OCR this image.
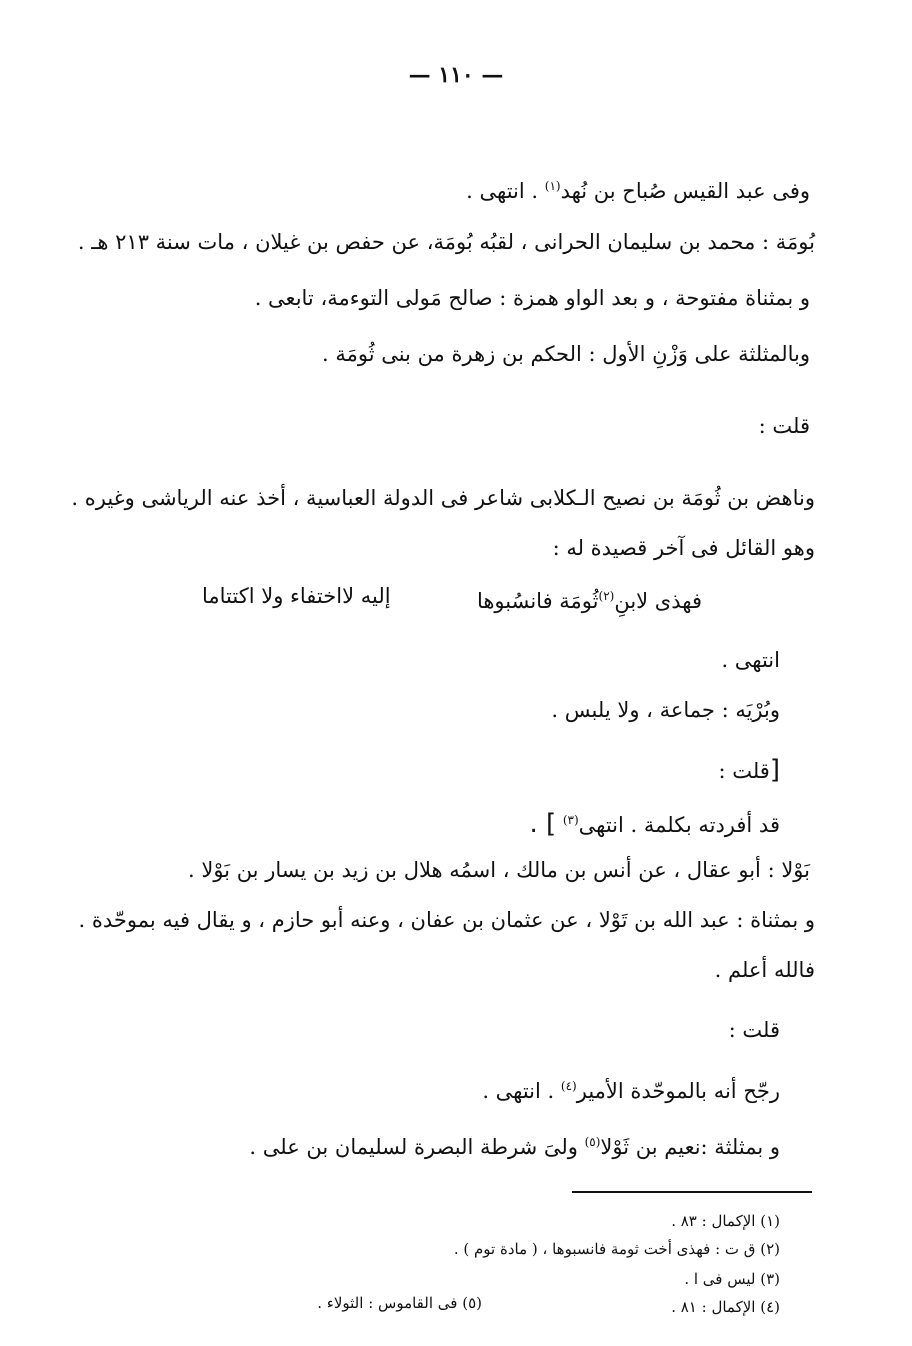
— ١١٠ —
وفى عبد القيس صُباح بن نُهد$^{(١)}$ . انتهى .
بُومَة : محمد بن سليمان الحرانى ، لقبُه بُومَة، عن حفص بن غيلان ، مات سنة ٢١٣ هـ .
و بمثناة مفتوحة ، و بعد الواو همزة : صالح مَولى التوءمة، تابعى .
وبالمثلثة على وَزْنِ الأول : الحكم بن زهرة من بنى ثُومَة .
قلت :
وناهض بن ثُومَة بن نصيح الـكلابى شاعر فى الدولة العباسية ، أخذ عنه الرياشى وغيره .
وهو القائل فى آخر قصيدة له :
فهذى لابنِ$^{(٢)}$ثُومَة فانسُبوها
إليه لااختفاء ولا اكتتاما
انتهى .
وبُرْيَه : جماعة ، ولا يلبس .
[قلت :
قد أفردته بكلمة . انتهى$^{(٣)}$ ] .
بَوْلا : أبو عقال ، عن أنس بن مالك ، اسمُه هلال بن زيد بن يسار بن بَوْلا .
و بمثناة : عبد الله بن تَوْلا ، عن عثمان بن عفان ، وعنه أبو حازم ، و يقال فيه بموحّدة .
فالله أعلم .
قلت :
رجّح أنه بالموحّدة الأمير$^{(٤)}$ . انتهى .
و بمثلثة :نعيم بن ثَوْلا$^{(٥)}$ ولىَ شرطة البصرة لسليمان بن على .
(١) الإكمال : ٨٣ .
(٢) ق ت : فهذى أخت ثومة فانسبوها ، ( مادة توم ) .
(٣) ليس فى ا .
(٤) الإكمال : ٨١ .
(٥) فى القاموس : الثولاء .
